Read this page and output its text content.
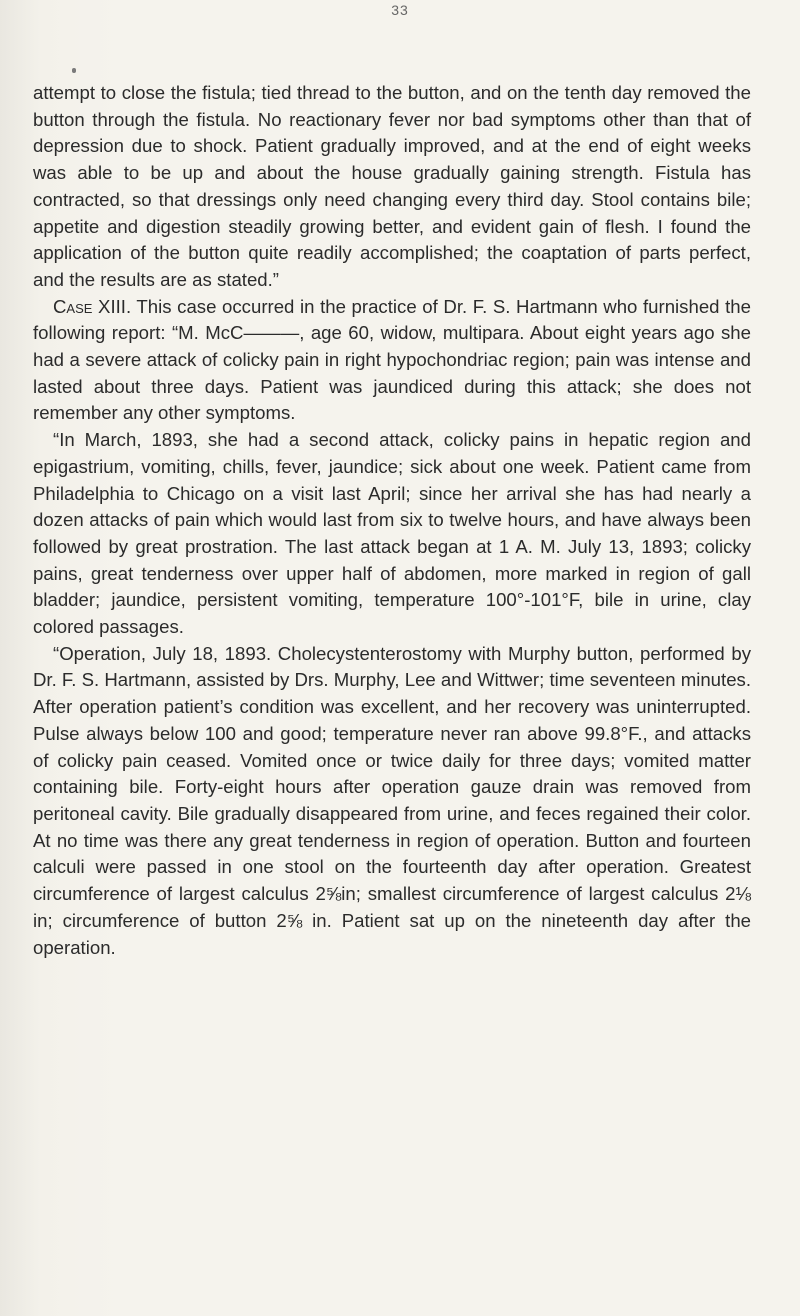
33

attempt to close the fistula; tied thread to the button, and on the tenth day removed the button through the fistula. No reactionary fever nor bad symptoms other than that of depression due to shock. Patient gradually improved, and at the end of eight weeks was able to be up and about the house gradually gaining strength. Fistula has contracted, so that dressings only need changing every third day. Stool contains bile; appetite and digestion steadily growing better, and evident gain of flesh. I found the application of the button quite readily accomplished; the coaptation of parts perfect, and the results are as stated.”

Case XIII. This case occurred in the practice of Dr. F. S. Hartmann who furnished the following report: “M. McC———, age 60, widow, multipara. About eight years ago she had a severe attack of colicky pain in right hypochondriac region; pain was intense and lasted about three days. Patient was jaundiced during this attack; she does not remember any other symptoms.

“In March, 1893, she had a second attack, colicky pains in hepatic region and epigastrium, vomiting, chills, fever, jaundice; sick about one week. Patient came from Philadelphia to Chicago on a visit last April; since her arrival she has had nearly a dozen attacks of pain which would last from six to twelve hours, and have always been followed by great prostration. The last attack began at 1 A. M. July 13, 1893; colicky pains, great tenderness over upper half of abdomen, more marked in region of gall bladder; jaundice, persistent vomiting, temperature 100°-101°F, bile in urine, clay colored passages.

“Operation, July 18, 1893. Cholecystenterostomy with Murphy button, performed by Dr. F. S. Hartmann, assisted by Drs. Murphy, Lee and Wittwer; time seventeen minutes. After operation patient’s condition was excellent, and her recovery was uninterrupted. Pulse always below 100 and good; temperature never ran above 99.8°F., and attacks of colicky pain ceased. Vomited once or twice daily for three days; vomited matter containing bile. Forty-eight hours after operation gauze drain was removed from peritoneal cavity. Bile gradually disappeared from urine, and feces regained their color. At no time was there any great tenderness in region of operation. Button and fourteen calculi were passed in one stool on the fourteenth day after operation. Greatest circumference of largest calculus 2⅝in; smallest circumference of largest calculus 2⅛ in; circumference of button 2⅝ in. Patient sat up on the nineteenth day after the operation.
